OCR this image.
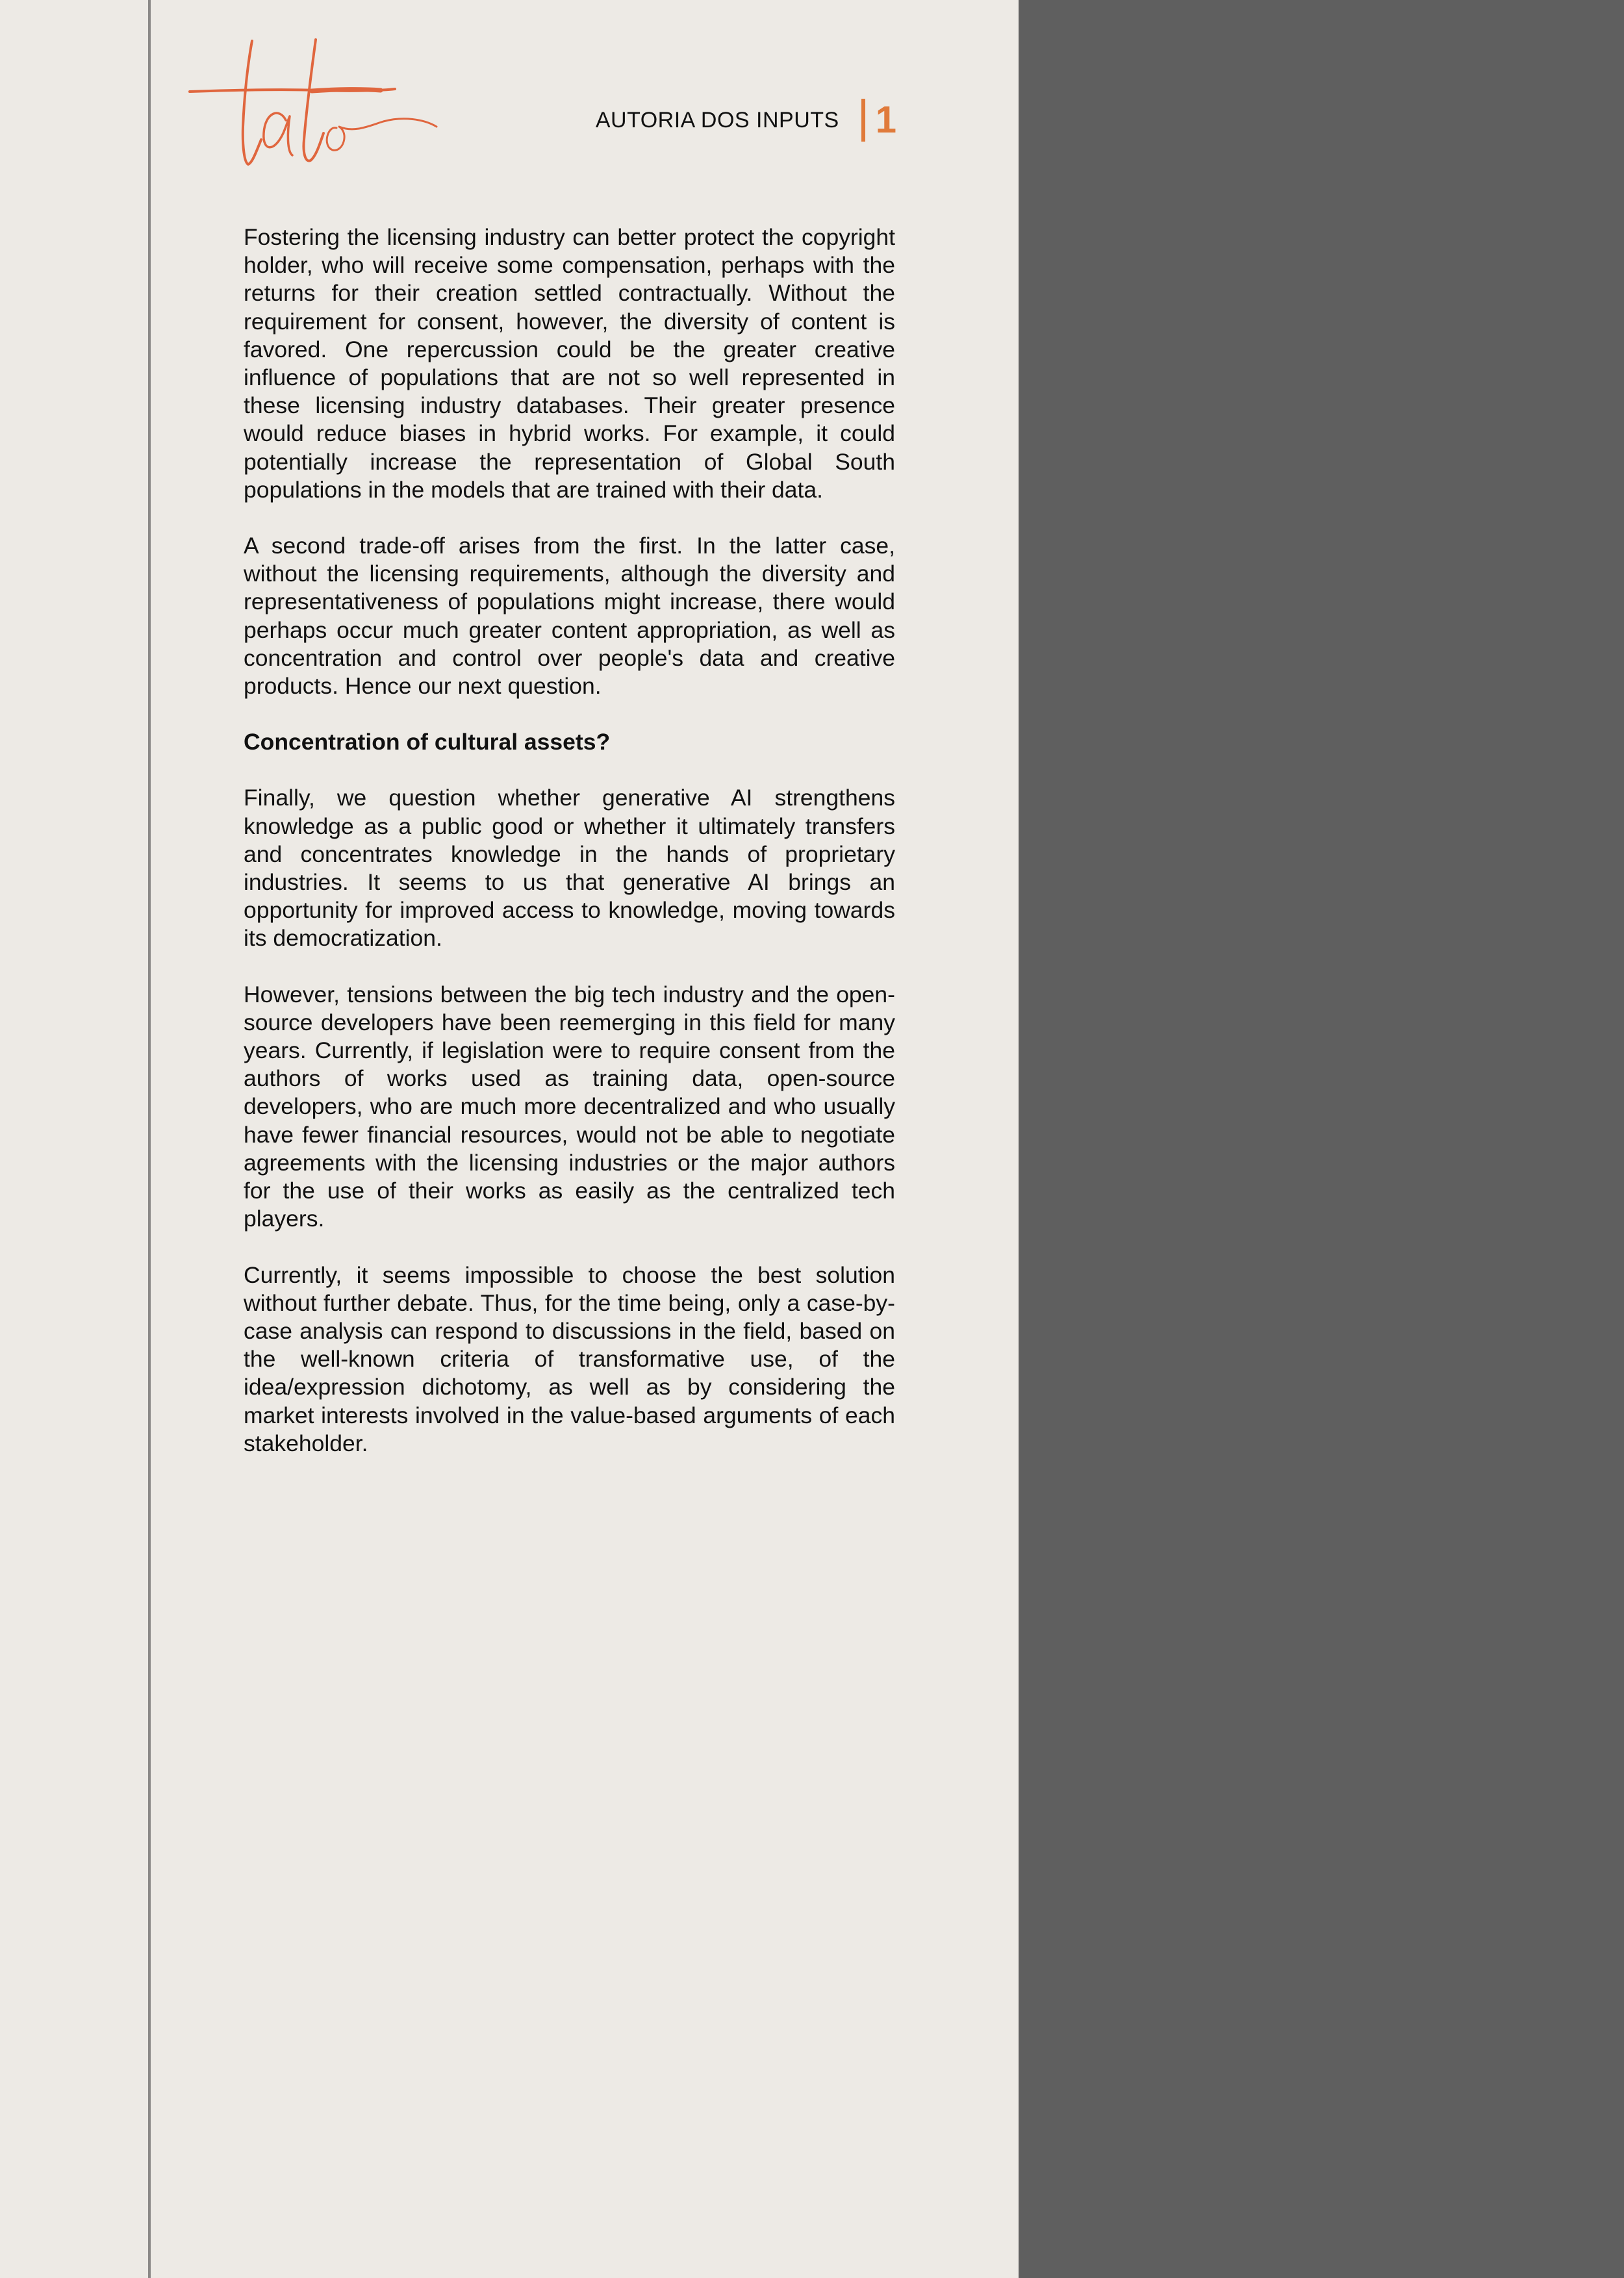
AUTORIA DOS INPUTS 1

Fostering the licensing industry can better protect the copyright holder, who will receive some compensation, perhaps with the returns for their creation settled contractually. Without the requirement for consent, however, the diversity of content is favored. One repercussion could be the greater creative influence of populations that are not so well represented in these licensing industry databases. Their greater presence would reduce biases in hybrid works. For example, it could potentially increase the representation of Global South populations in the models that are trained with their data.

A second trade-off arises from the first. In the latter case, without the licensing requirements, although the diversity and representativeness of populations might increase, there would perhaps occur much greater content appropriation, as well as concentration and control over people's data and creative products. Hence our next question.

Concentration of cultural assets?

Finally, we question whether generative AI strengthens knowledge as a public good or whether it ultimately transfers and concentrates knowledge in the hands of proprietary industries. It seems to us that generative AI brings an opportunity for improved access to knowledge, moving towards its democratization.

However, tensions between the big tech industry and the open-source developers have been reemerging in this field for many years. Currently, if legislation were to require consent from the authors of works used as training data, open-source developers, who are much more decentralized and who usually have fewer financial resources, would not be able to negotiate agreements with the licensing industries or the major authors for the use of their works as easily as the centralized tech players.

Currently, it seems impossible to choose the best solution without further debate. Thus, for the time being, only a case-by-case analysis can respond to discussions in the field, based on the well-known criteria of transformative use, of the idea/expression dichotomy, as well as by considering the market interests involved in the value-based arguments of each stakeholder.
